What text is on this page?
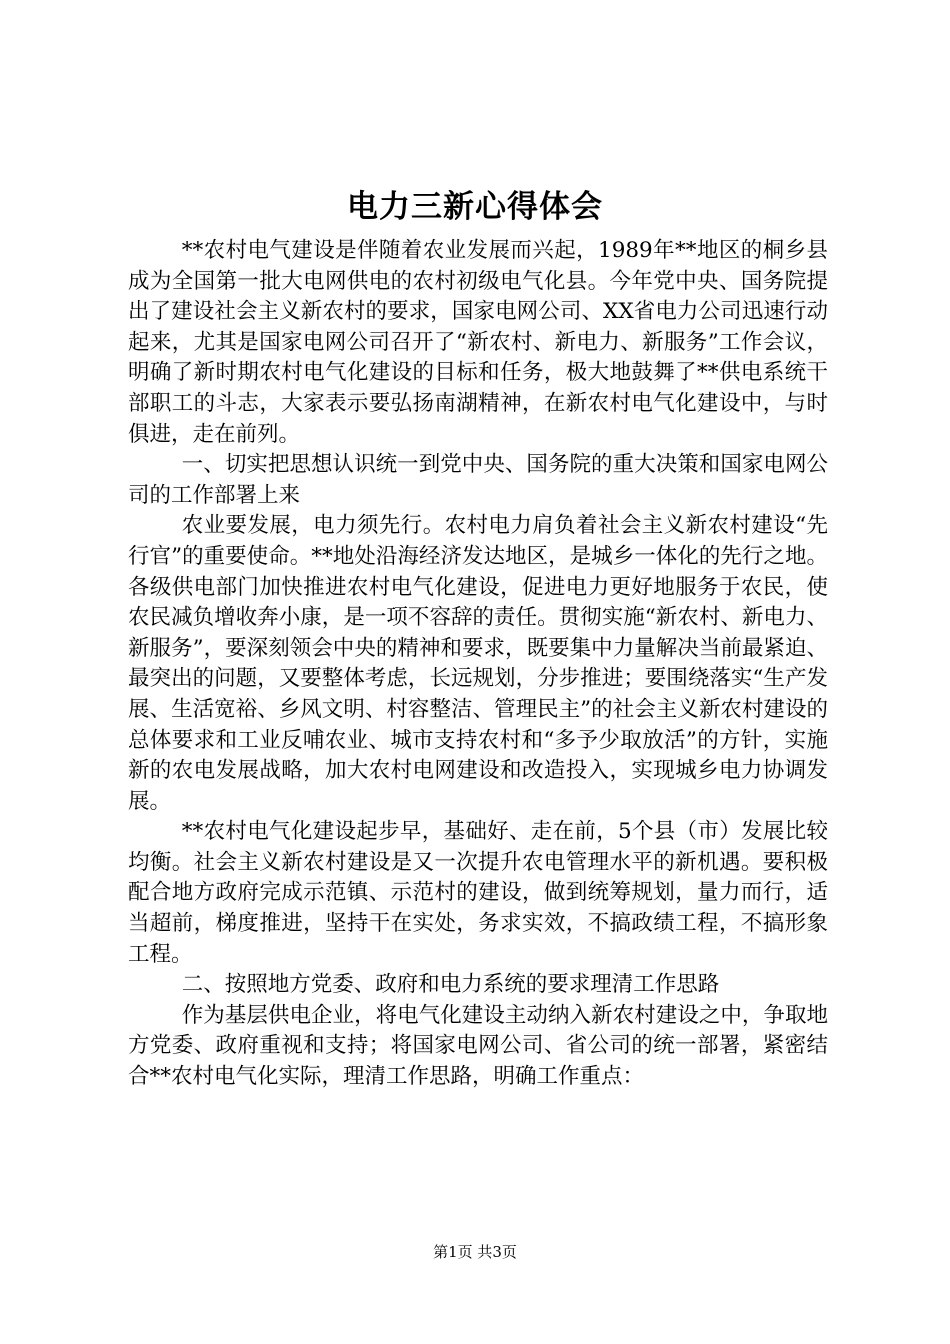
电力三新心得体会

**农村电气建设是伴随着农业发展而兴起，1989年**地区的桐乡县成为全国第一批大电网供电的农村初级电气化县。今年党中央、国务院提出了建设社会主义新农村的要求，国家电网公司、XX省电力公司迅速行动起来，尤其是国家电网公司召开了“新农村、新电力、新服务”工作会议，明确了新时期农村电气化建设的目标和任务，极大地鼓舞了**供电系统干部职工的斗志，大家表示要弘扬南湖精神，在新农村电气化建设中，与时俱进，走在前列。

一、切实把思想认识统一到党中央、国务院的重大决策和国家电网公司的工作部署上来

农业要发展，电力须先行。农村电力肩负着社会主义新农村建设“先行官”的重要使命。**地处沿海经济发达地区，是城乡一体化的先行之地。各级供电部门加快推进农村电气化建设，促进电力更好地服务于农民，使农民减负增收奔小康，是一项不容辞的责任。贯彻实施“新农村、新电力、新服务”，要深刻领会中央的精神和要求，既要集中力量解决当前最紧迫、最突出的问题，又要整体考虑，长远规划，分步推进；要围绕落实“生产发展、生活宽裕、乡风文明、村容整洁、管理民主”的社会主义新农村建设的总体要求和工业反哺农业、城市支持农村和“多予少取放活”的方针，实施新的农电发展战略，加大农村电网建设和改造投入，实现城乡电力协调发展。

**农村电气化建设起步早，基础好、走在前，5个县（市）发展比较均衡。社会主义新农村建设是又一次提升农电管理水平的新机遇。要积极配合地方政府完成示范镇、示范村的建设，做到统筹规划，量力而行，适当超前，梯度推进，坚持干在实处，务求实效，不搞政绩工程，不搞形象工程。

二、按照地方党委、政府和电力系统的要求理清工作思路

作为基层供电企业，将电气化建设主动纳入新农村建设之中，争取地方党委、政府重视和支持；将国家电网公司、省公司的统一部署，紧密结合**农村电气化实际，理清工作思路，明确工作重点：

第1页 共3页
